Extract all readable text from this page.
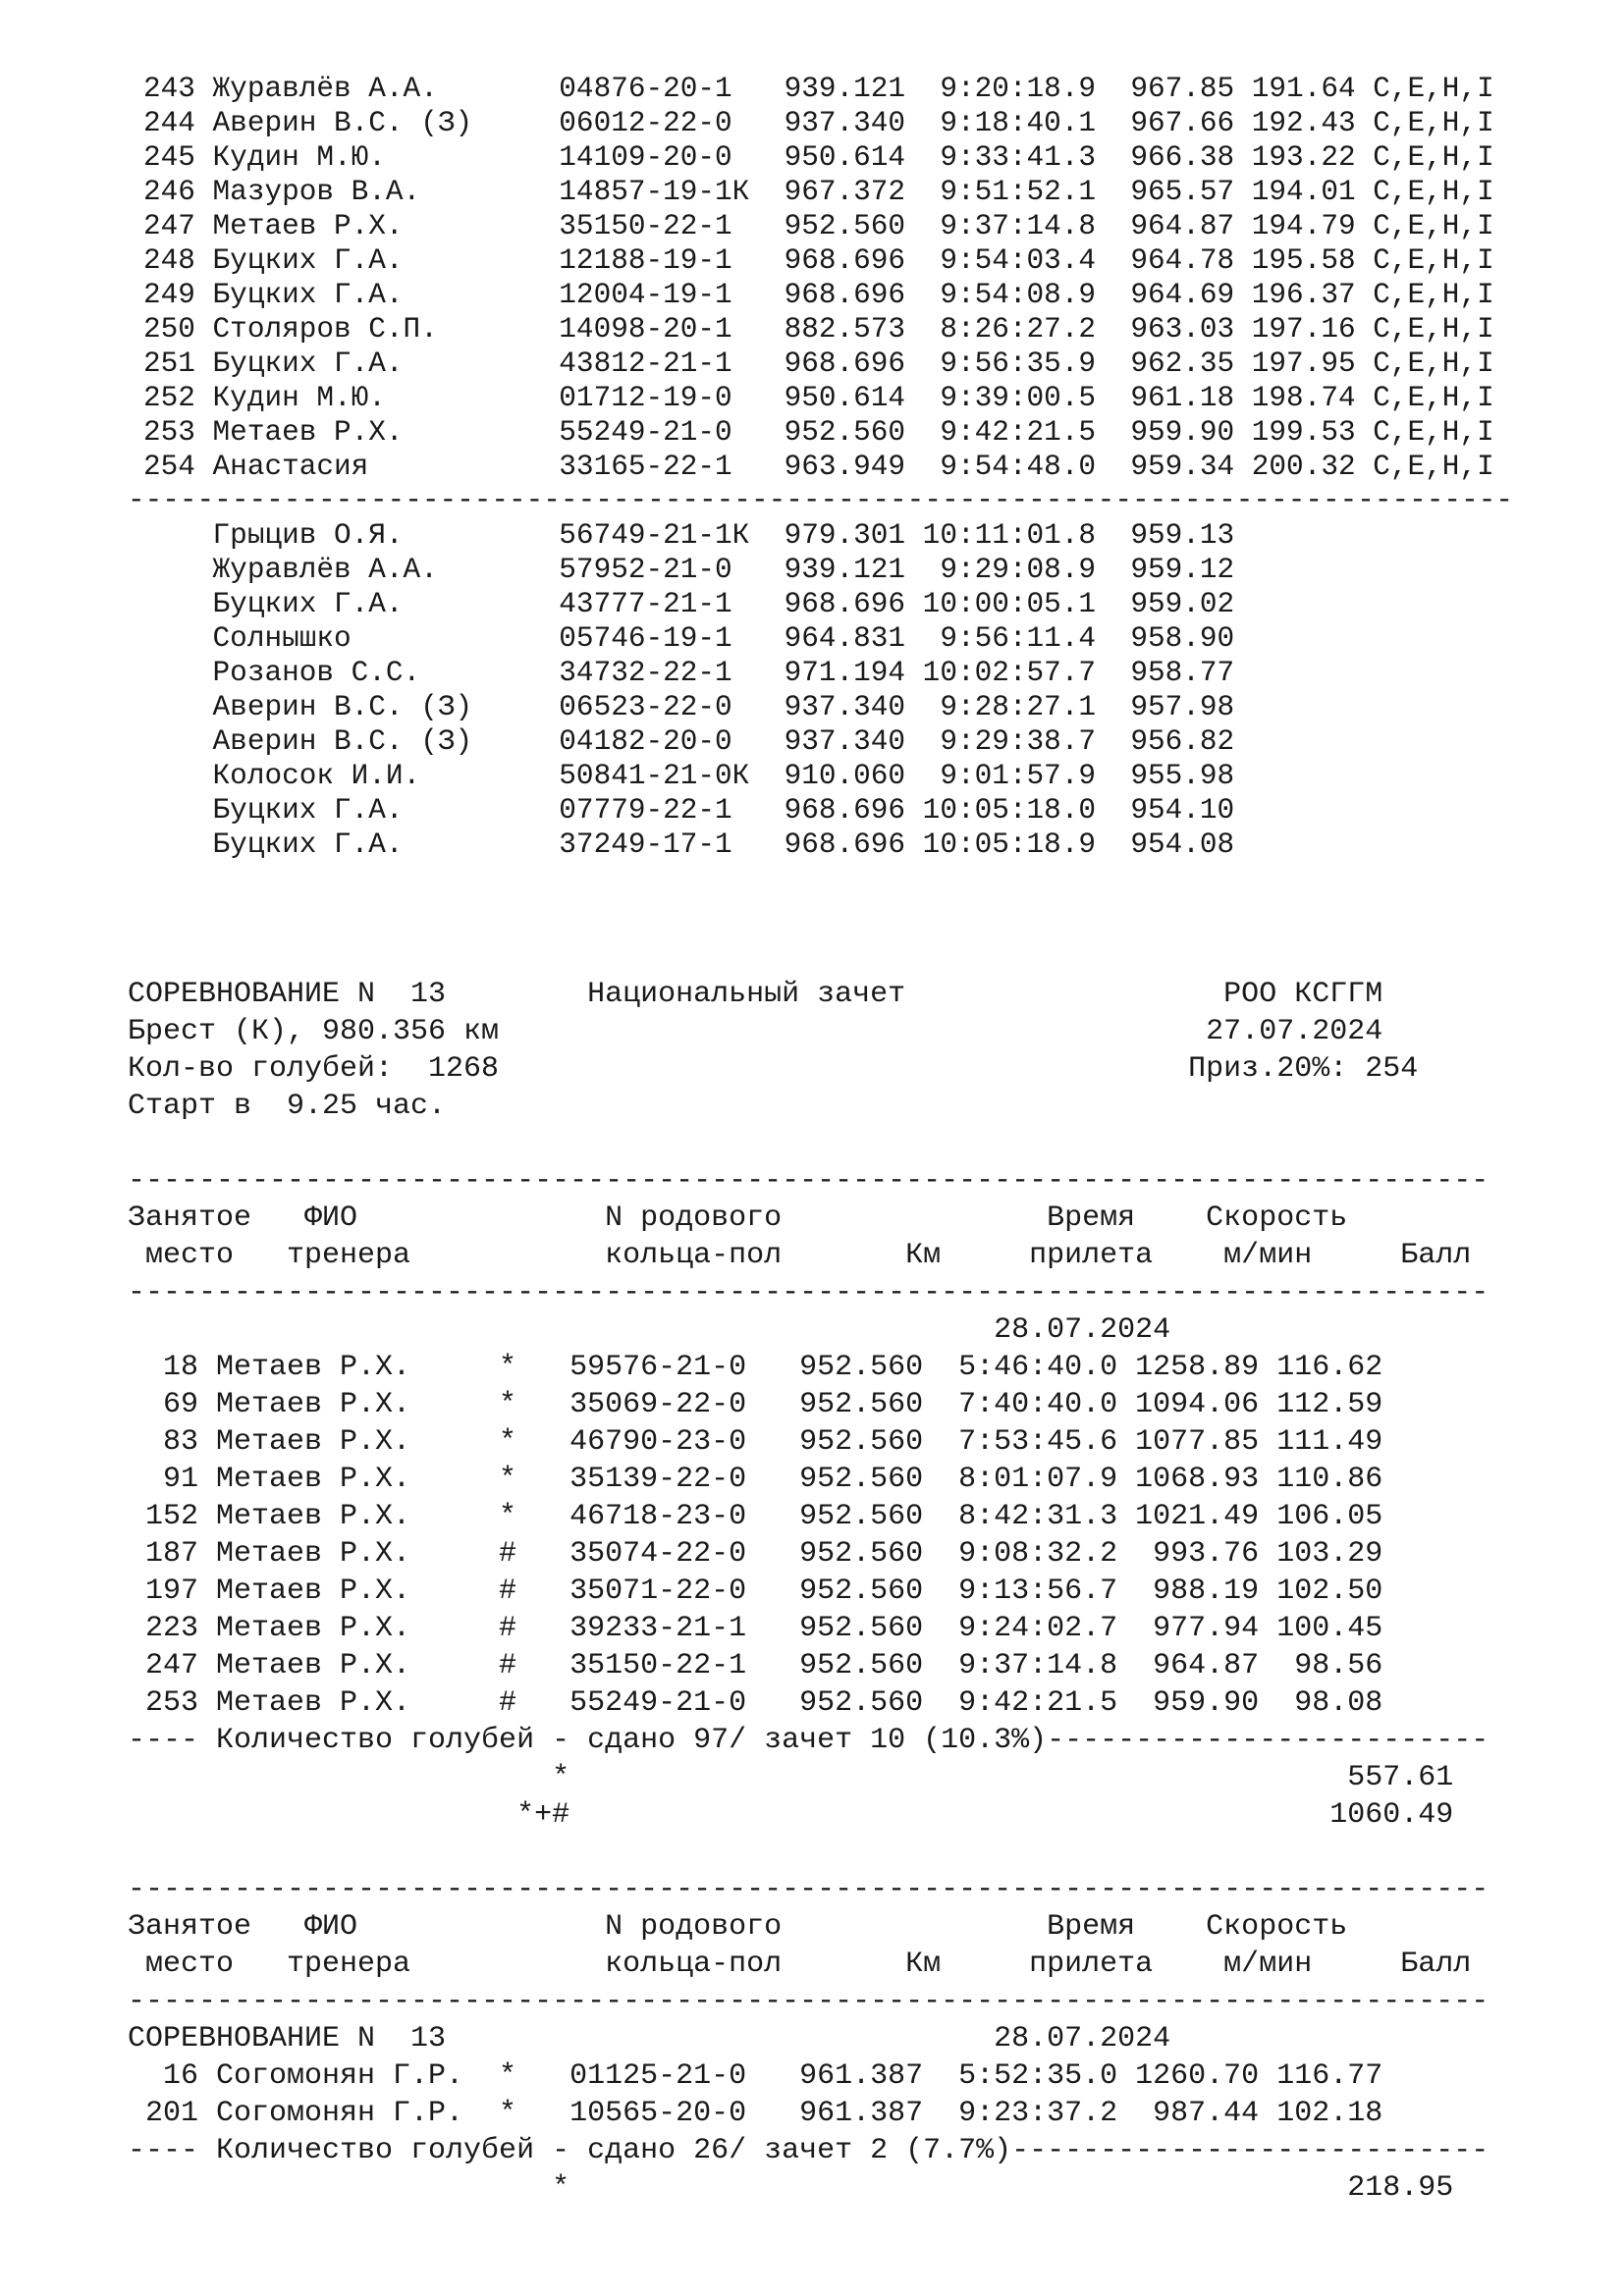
243 Журавлёв А.А.       04876-20-1   939.121  9:20:18.9  967.85 191.64 C,E,H,I
244 Аверин В.С. (З)     06012-22-0   937.340  9:18:40.1  967.66 192.43 C,E,H,I
245 Кудин М.Ю.          14109-20-0   950.614  9:33:41.3  966.38 193.22 C,E,H,I
246 Мазуров В.А.        14857-19-1К  967.372  9:51:52.1  965.57 194.01 C,E,H,I
247 Метаев Р.Х.         35150-22-1   952.560  9:37:14.8  964.87 194.79 C,E,H,I
248 Буцких Г.А.         12188-19-1   968.696  9:54:03.4  964.78 195.58 C,E,H,I
249 Буцких Г.А.         12004-19-1   968.696  9:54:08.9  964.69 196.37 C,E,H,I
250 Столяров С.П.       14098-20-1   882.573  8:26:27.2  963.03 197.16 C,E,H,I
251 Буцких Г.А.         43812-21-1   968.696  9:56:35.9  962.35 197.95 C,E,H,I
252 Кудин М.Ю.          01712-19-0   950.614  9:39:00.5  961.18 198.74 C,E,H,I
253 Метаев Р.Х.         55249-21-0   952.560  9:42:21.5  959.90 199.53 C,E,H,I
254 Анастасия           33165-22-1   963.949  9:54:48.0  959.34 200.32 C,E,H,I
--------------------------------------------------------------------------------
Грыцив О.Я.         56749-21-1К  979.301 10:11:01.8  959.13
Журавлёв А.А.       57952-21-0   939.121  9:29:08.9  959.12
Буцких Г.А.         43777-21-1   968.696 10:00:05.1  959.02
Солнышко            05746-19-1   964.831  9:56:11.4  958.90
Розанов С.С.        34732-22-1   971.194 10:02:57.7  958.77
Аверин В.С. (З)     06523-22-0   937.340  9:28:27.1  957.98
Аверин В.С. (З)     04182-20-0   937.340  9:29:38.7  956.82
Колосок И.И.        50841-21-0К  910.060  9:01:57.9  955.98
Буцких Г.А.         07779-22-1   968.696 10:05:18.0  954.10
Буцких Г.А.         37249-17-1   968.696 10:05:18.9  954.08
СОРЕВНОВАНИЕ N  13        Национальный зачет                  РОО КСГГМ
Брест (К), 980.356 км                                        27.07.2024
Кол-во голубей:  1268                                       Приз.20%: 254
Старт в  9.25 час.
-----------------------------------------------------------------------------
Занятое   ФИО              N родового               Время    Скорость
место   тренера           кольца-пол       Км     прилета    м/мин     Балл
-----------------------------------------------------------------------------
28.07.2024
18 Метаев Р.Х.     *   59576-21-0   952.560  5:46:40.0 1258.89 116.62
69 Метаев Р.Х.     *   35069-22-0   952.560  7:40:40.0 1094.06 112.59
83 Метаев Р.Х.     *   46790-23-0   952.560  7:53:45.6 1077.85 111.49
91 Метаев Р.Х.     *   35139-22-0   952.560  8:01:07.9 1068.93 110.86
152 Метаев Р.Х.     *   46718-23-0   952.560  8:42:31.3 1021.49 106.05
187 Метаев Р.Х.     #   35074-22-0   952.560  9:08:32.2  993.76 103.29
197 Метаев Р.Х.     #   35071-22-0   952.560  9:13:56.7  988.19 102.50
223 Метаев Р.Х.     #   39233-21-1   952.560  9:24:02.7  977.94 100.45
247 Метаев Р.Х.     #   35150-22-1   952.560  9:37:14.8  964.87  98.56
253 Метаев Р.Х.     #   55249-21-0   952.560  9:42:21.5  959.90  98.08
---- Количество голубей - сдано 97/ зачет 10 (10.3%)-------------------------
*                                            557.61
*+#                                           1060.49
-----------------------------------------------------------------------------
Занятое   ФИО              N родового               Время    Скорость
место   тренера           кольца-пол       Км     прилета    м/мин     Балл
-----------------------------------------------------------------------------
СОРЕВНОВАНИЕ N  13                               28.07.2024
16 Согомонян Г.Р.  *   01125-21-0   961.387  5:52:35.0 1260.70 116.77
201 Согомонян Г.Р.  *   10565-20-0   961.387  9:23:37.2  987.44 102.18
---- Количество голубей - сдано 26/ зачет 2 (7.7%)---------------------------
*                                            218.95
